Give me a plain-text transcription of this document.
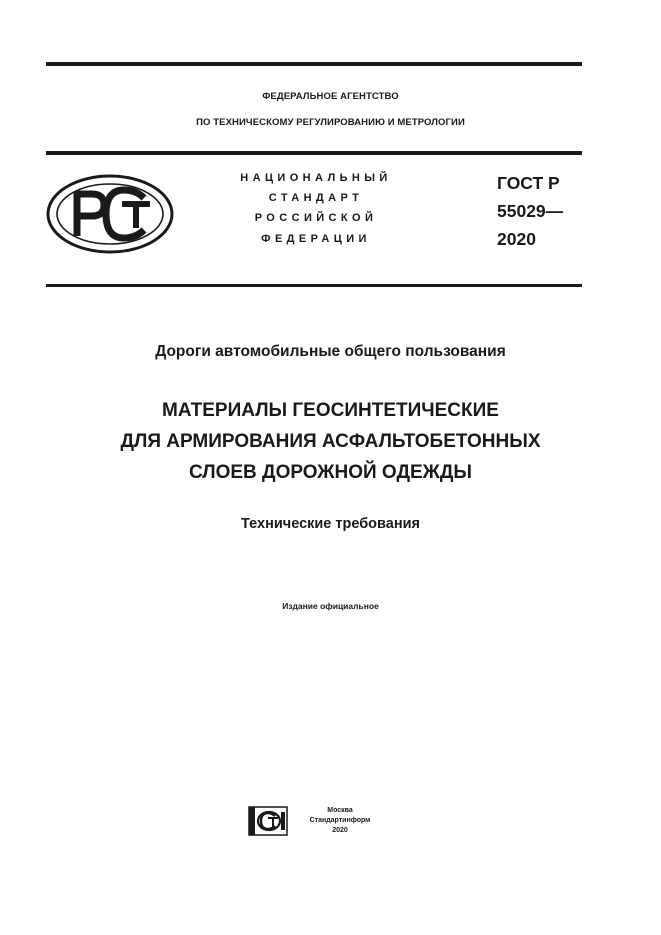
ФЕДЕРАЛЬНОЕ АГЕНТСТВО
ПО ТЕХНИЧЕСКОМУ РЕГУЛИРОВАНИЮ И МЕТРОЛОГИИ
НАЦИОНАЛЬНЫЙ
СТАНДАРТ
РОССИЙСКОЙ
ФЕДЕРАЦИИ
ГОСТ Р
55029—
2020
Дороги автомобильные общего пользования
МАТЕРИАЛЫ ГЕОСИНТЕТИЧЕСКИЕ
ДЛЯ АРМИРОВАНИЯ АСФАЛЬТОБЕТОННЫХ
СЛОЕВ ДОРОЖНОЙ ОДЕЖДЫ
Технические требования
Издание официальное
Москва
Стандартинформ
2020
